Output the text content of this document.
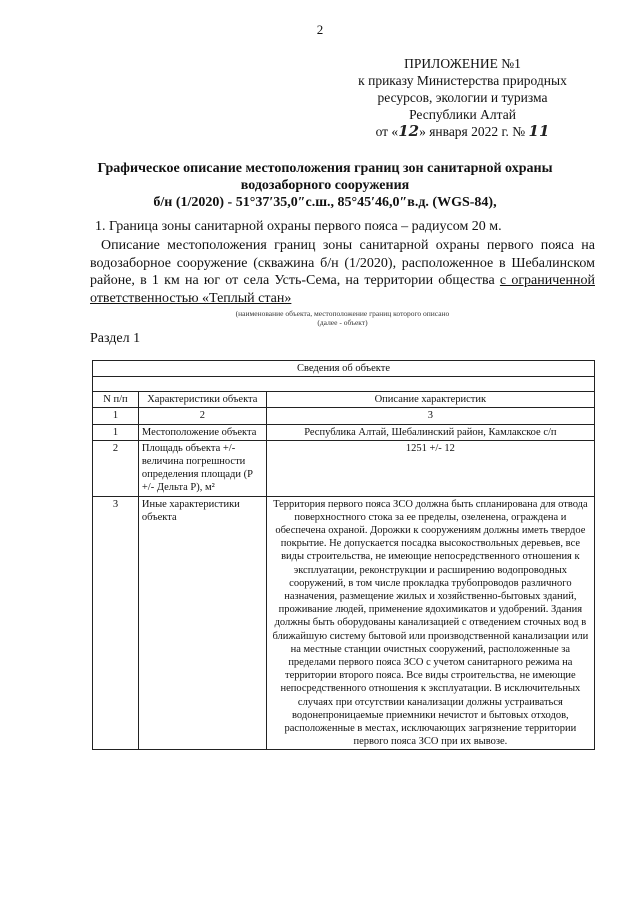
2
ПРИЛОЖЕНИЕ №1
к приказу Министерства природных
ресурсов, экологии и туризма
Республики Алтай
от «12» января 2022 г. № 11
Графическое описание местоположения границ зон санитарной охраны
водозаборного сооружения
б/н (1/2020) - 51°37′35,0″с.ш., 85°45′46,0″в.д. (WGS-84),
1. Граница зоны санитарной охраны первого пояса – радиусом 20 м.
Описание местоположения границ зоны санитарной охраны первого пояса на водозаборное сооружение (скважина б/н (1/2020), расположенное в Шебалинском районе, в 1 км на юг от села Усть-Сема, на территории общества с ограниченной ответственностью «Теплый стан»
(наименование объекта, местоположение границ которого описано
(далее - объект)
Раздел 1
Сведения об объекте		

N п/п	Характеристики объекта	Описание характеристик
1	2	3
1	Местоположение объекта	Республика Алтай, Шебалинский район, Камлакское с/п
2	Площадь объекта +/- величина погрешности определения площади (Р +/- Дельта Р), м²	1251 +/- 12
3	Иные характеристики объекта	Территория первого пояса ЗСО должна быть спланирована для отвода поверхностного стока за ее пределы, озеленена, ограждена и обеспечена охраной. Дорожки к сооружениям должны иметь твердое покрытие. Не допускается посадка высокоствольных деревьев, все виды строительства, не имеющие непосредственного отношения к эксплуатации, реконструкции и расширению водопроводных сооружений, в том числе прокладка трубопроводов различного назначения, размещение жилых и хозяйственно-бытовых зданий, проживание людей, применение ядохимикатов и удобрений. Здания должны быть оборудованы канализацией с отведением сточных вод в ближайшую систему бытовой или производственной канализации или на местные станции очистных сооружений, расположенные за пределами первого пояса ЗСО с учетом санитарного режима на территории второго пояса. Все виды строительства, не имеющие непосредственного отношения к эксплуатации. В исключительных случаях при отсутствии канализации должны устраиваться водонепроницаемые приемники нечистот и бытовых отходов, расположенные в местах, исключающих загрязнение территории первого пояса ЗСО при их вывозе.
